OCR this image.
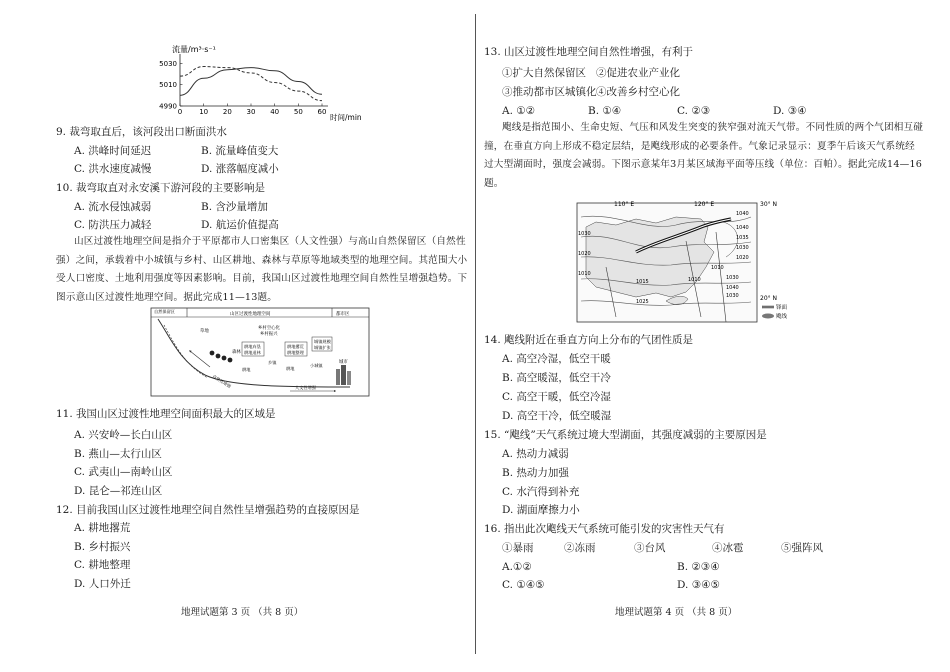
流量/m³·s⁻¹
5030
5010
4990
0 10 20 30 40 50 60
时间/min
9. 裁弯取直后，该河段出口断面洪水
A. 洪峰时间延迟	B. 流量峰值变大
C. 洪水速度减慢	D. 涨落幅度减小
10. 裁弯取直对永安溪下游河段的主要影响是
A. 流水侵蚀减弱	B. 含沙量增加
C. 防洪压力减轻	D. 航运价值提高
山区过渡性地理空间是指介于平原都市人口密集区（人文性强）与高山自然保留区（自然性强）之间，承载着中小城镇与乡村、山区耕地、森林与草原等地域类型的地理空间。其范围大小受人口密度、土地利用强度等因素影响。目前，我国山区过渡性地理空间自然性呈增强趋势。下图示意山区过渡性地理空间。据此完成11—13题。
自然保留区
山区过渡性地理空间	都市区
草地
森林
乡村空心化
乡村振兴
耕地弃垦
耕地退林
耕地撂荒
耕地整理
城镇规模
城镇扩张
耕地	耕地
乡镇
小城镇
城市
自然性增强	人文性增强
11. 我国山区过渡性地理空间面积最大的区域是
A. 兴安岭—长白山区
B. 燕山—太行山区
C. 武夷山—南岭山区
D. 昆仑—祁连山区
12. 目前我国山区过渡性地理空间自然性呈增强趋势的直接原因是
A. 耕地撂荒
B. 乡村振兴
C. 耕地整理
D. 人口外迁
地理试题第 3 页 （共 8 页）
13. 山区过渡性地理空间自然性增强，有利于
①扩大自然保留区 ②促进农业产业化
③推动都市区城镇化 ④改善乡村空心化
A. ①②	B. ①④	C. ②③	D. ③④
飑线是指范围小、生命史短、气压和风发生突变的狭窄强对流天气带。不同性质的两个气团相互碰撞，在垂直方向上形成不稳定层结，是飑线形成的必要条件。气象记录显示：夏季午后该天气系统经过大型湖面时，强度会减弱。下图示意某年3月某区域海平面等压线（单位：百帕）。据此完成14—16题。
110° E	120° E	30° N
20° N
1040
1030
1020
1010
1040
1035
1030
1020
1010
1010
1015
1025
1030
1040
1030
锋面
飑线
14. 飑线附近在垂直方向上分布的气团性质是
A. 高空冷湿，低空干暖
B. 高空暖湿，低空干冷
C. 高空干暖，低空冷湿
D. 高空干冷，低空暖湿
15. “飑线”天气系统过境大型湖面，其强度减弱的主要原因是
A. 热动力减弱
B. 热动力加强
C. 水汽得到补充
D. 湖面摩擦力小
16. 指出此次飑线天气系统可能引发的灾害性天气有
①暴雨	②冻雨	③台风	④冰雹	⑤强阵风
A.①②	B. ②③④
C. ①④⑤	D. ③④⑤
地理试题第 4 页 （共 8 页）
